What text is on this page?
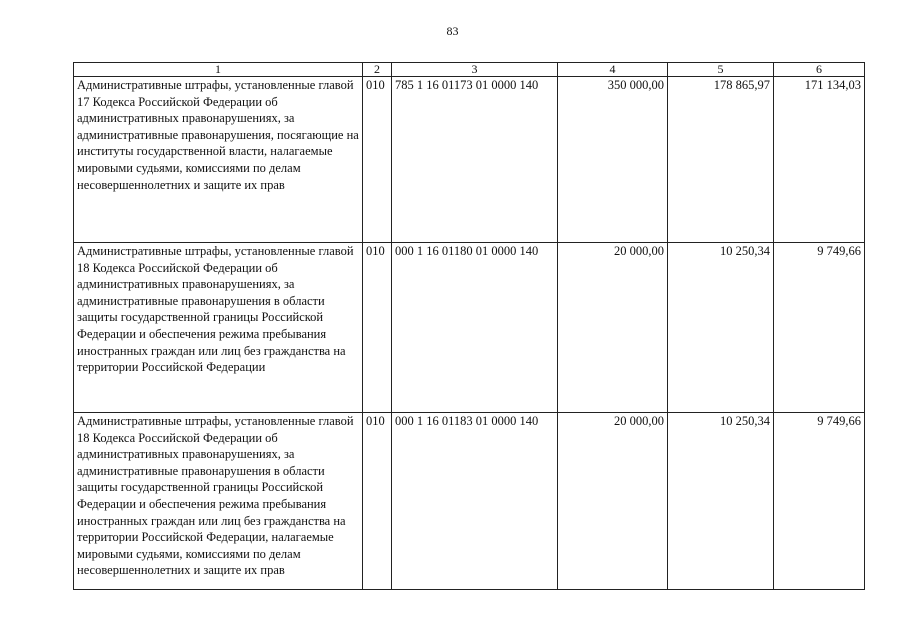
83
1	2	3	4	5	6
Административные штрафы, установленные главой 17 Кодекса Российской Федерации об административных правонарушениях, за административные правонарушения, посягающие на институты государственной власти, налагаемые мировыми судьями, комиссиями по делам несовершеннолетних и защите их прав	010	785 1 16 01173 01 0000 140	350 000,00	178 865,97	171 134,03
Административные штрафы, установленные главой 18 Кодекса Российской Федерации об административных правонарушениях, за административные правонарушения в области защиты государственной границы Российской Федерации и обеспечения режима пребывания иностранных граждан или лиц без гражданства на территории Российской Федерации	010	000 1 16 01180 01 0000 140	20 000,00	10 250,34	9 749,66
Административные штрафы, установленные главой 18 Кодекса Российской Федерации об административных правонарушениях, за административные правонарушения в области защиты государственной границы Российской Федерации и обеспечения режима пребывания иностранных граждан или лиц без гражданства на территории Российской Федерации, налагаемые мировыми судьями, комиссиями по делам несовершеннолетних и защите их прав	010	000 1 16 01183 01 0000 140	20 000,00	10 250,34	9 749,66
